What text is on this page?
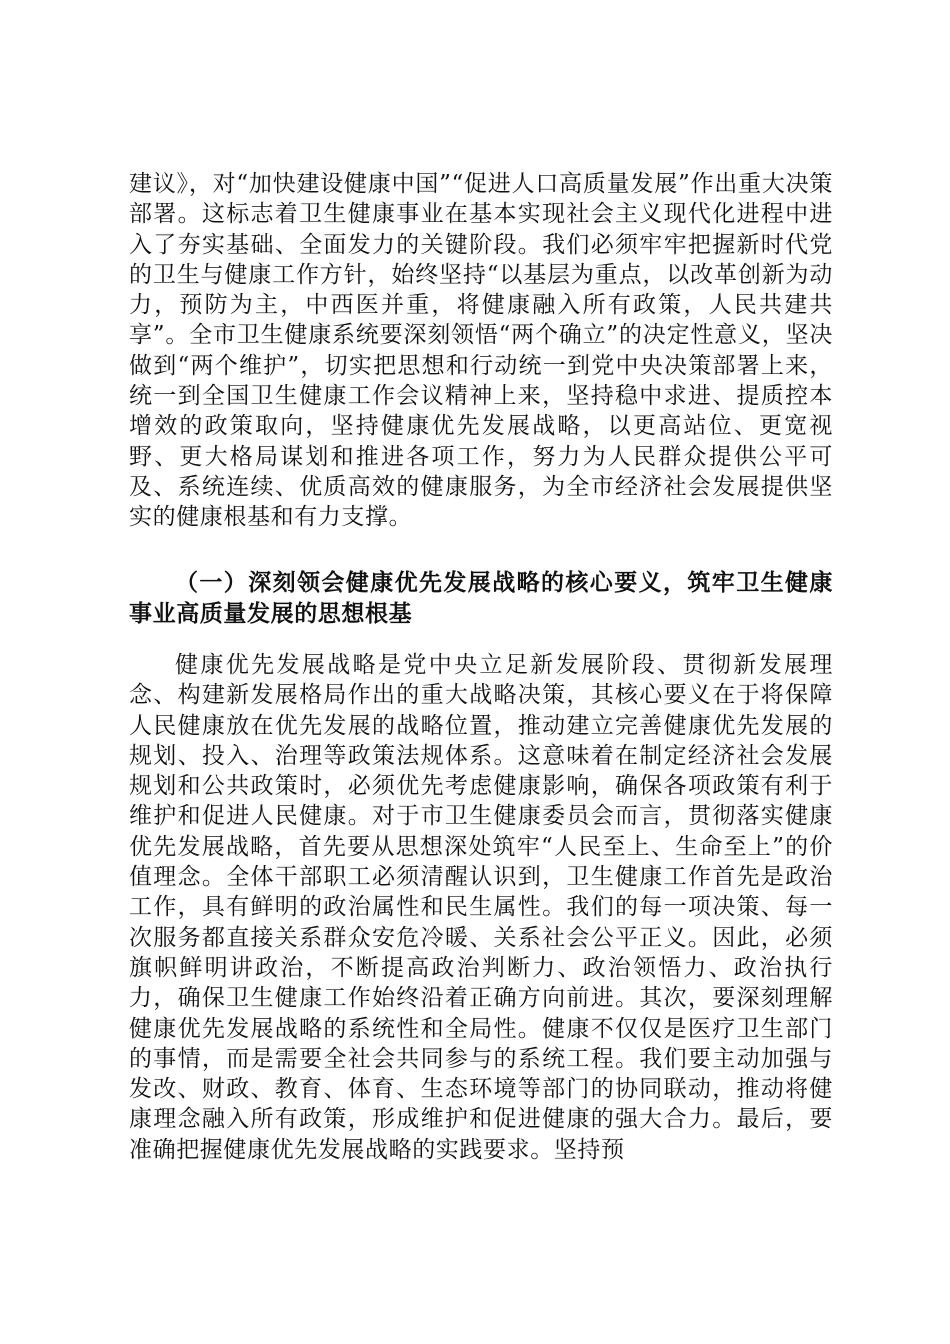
建议》，对“加快建设健康中国”“促进人口高质量发展”作出重大决策部署。这标志着卫生健康事业在基本实现社会主义现代化进程中进入了夯实基础、全面发力的关键阶段。我们必须牢牢把握新时代党的卫生与健康工作方针，始终坚持“以基层为重点，以改革创新为动力，预防为主，中西医并重，将健康融入所有政策，人民共建共享”。全市卫生健康系统要深刻领悟“两个确立”的决定性意义，坚决做到“两个维护”，切实把思想和行动统一到党中央决策部署上来，统一到全国卫生健康工作会议精神上来，坚持稳中求进、提质控本增效的政策取向，坚持健康优先发展战略，以更高站位、更宽视野、更大格局谋划和推进各项工作，努力为人民群众提供公平可及、系统连续、优质高效的健康服务，为全市经济社会发展提供坚实的健康根基和有力支撑。

（一）深刻领会健康优先发展战略的核心要义，筑牢卫生健康事业高质量发展的思想根基

健康优先发展战略是党中央立足新发展阶段、贯彻新发展理念、构建新发展格局作出的重大战略决策，其核心要义在于将保障人民健康放在优先发展的战略位置，推动建立完善健康优先发展的规划、投入、治理等政策法规体系。这意味着在制定经济社会发展规划和公共政策时，必须优先考虑健康影响，确保各项政策有利于维护和促进人民健康。对于市卫生健康委员会而言，贯彻落实健康优先发展战略，首先要从思想深处筑牢“人民至上、生命至上”的价值理念。全体干部职工必须清醒认识到，卫生健康工作首先是政治工作，具有鲜明的政治属性和民生属性。我们的每一项决策、每一次服务都直接关系群众安危冷暖、关系社会公平正义。因此，必须旗帜鲜明讲政治，不断提高政治判断力、政治领悟力、政治执行力，确保卫生健康工作始终沿着正确方向前进。其次，要深刻理解健康优先发展战略的系统性和全局性。健康不仅仅是医疗卫生部门的事情，而是需要全社会共同参与的系统工程。我们要主动加强与发改、财政、教育、体育、生态环境等部门的协同联动，推动将健康理念融入所有政策，形成维护和促进健康的强大合力。最后，要准确把握健康优先发展战略的实践要求。坚持预
